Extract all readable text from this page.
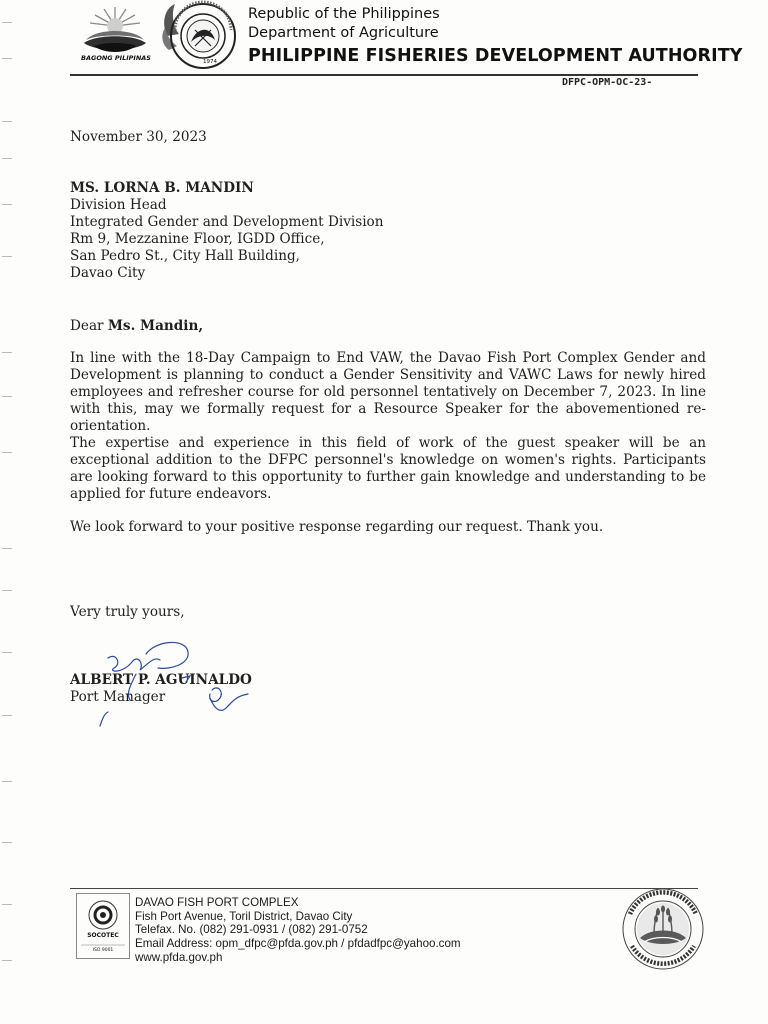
BAGONG PILIPINAS	1974
Republic of the Philippines
Department of Agriculture
PHILIPPINE FISHERIES DEVELOPMENT AUTHORITY
DFPC-OPM-OC-23-
November 30, 2023
MS. LORNA B. MANDIN
Division Head
Integrated Gender and Development Division
Rm 9, Mezzanine Floor, IGDD Office,
San Pedro St., City Hall Building,
Davao City
Dear Ms. Mandin,

In line with the 18-Day Campaign to End VAW, the Davao Fish Port Complex Gender and Development is planning to conduct a Gender Sensitivity and VAWC Laws for newly hired employees and refresher course for old personnel tentatively on December 7, 2023. In line with this, may we formally request for a Resource Speaker for the abovementioned re-orientation.

The expertise and experience in this field of work of the guest speaker will be an exceptional addition to the DFPC personnel's knowledge on women's rights. Participants are looking forward to this opportunity to further gain knowledge and understanding to be applied for future endeavors.

We look forward to your positive response regarding our request. Thank you.

Very truly yours,
ALBERT P. AGUINALDO
Port Manager
SOCOTEC
ISO 9001
DAVAO FISH PORT COMPLEX
Fish Port Avenue, Toril District, Davao City
Telefax. No. (082) 291-0931 / (082) 291-0752
Email Address: opm_dfpc@pfda.gov.ph / pfdadfpc@yahoo.com
www.pfda.gov.ph
